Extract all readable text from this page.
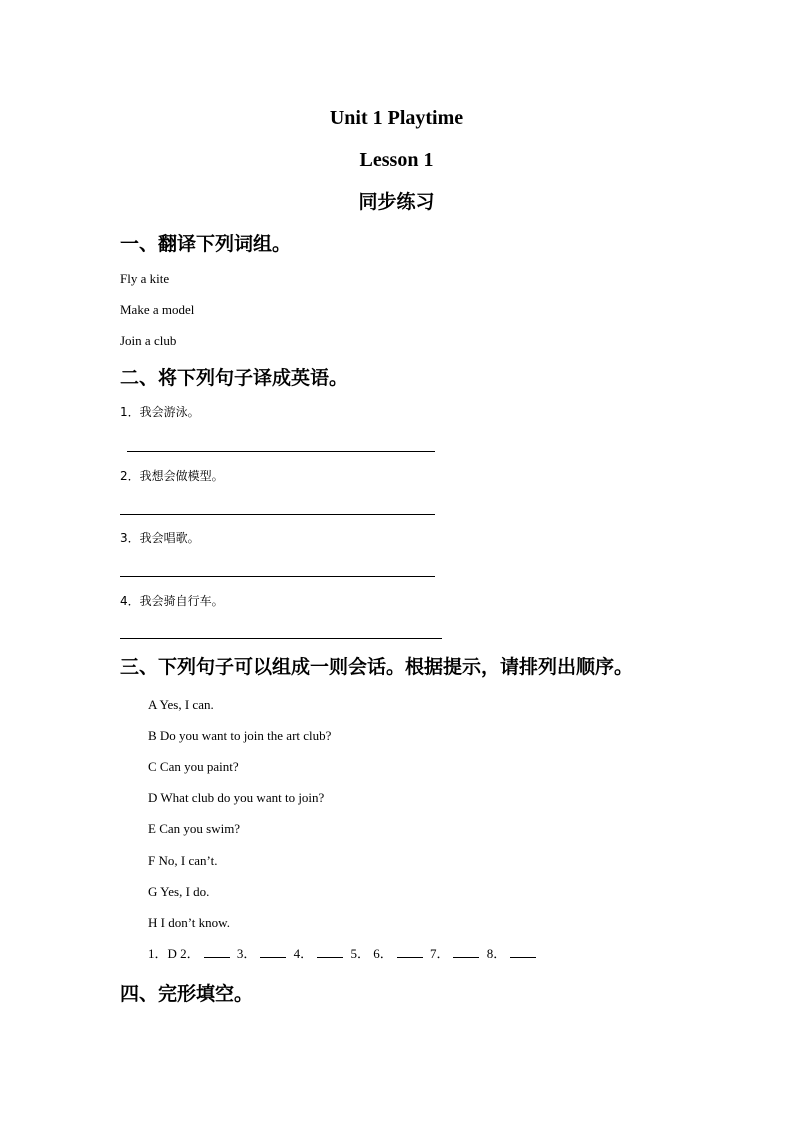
Unit 1 Playtime
Lesson 1
同步练习
一、翻译下列词组。
Fly a kite
Make a model
Join a club
二、将下列句子译成英语。
1．我会游泳。
2．我想会做模型。
3．我会唱歌。
4．我会骑自行车。
三、下列句子可以组成一则会话。根据提示，请排列出顺序。
A Yes, I can.
B Do you want to join the art club?
C Can you paint?
D What club do you want to join?
E Can you swim?
F No, I can’t.
G Yes, I do.
H I don’t know.
1．D 2．	3．	4．	5． 6．	7．	8．
四、完形填空。
